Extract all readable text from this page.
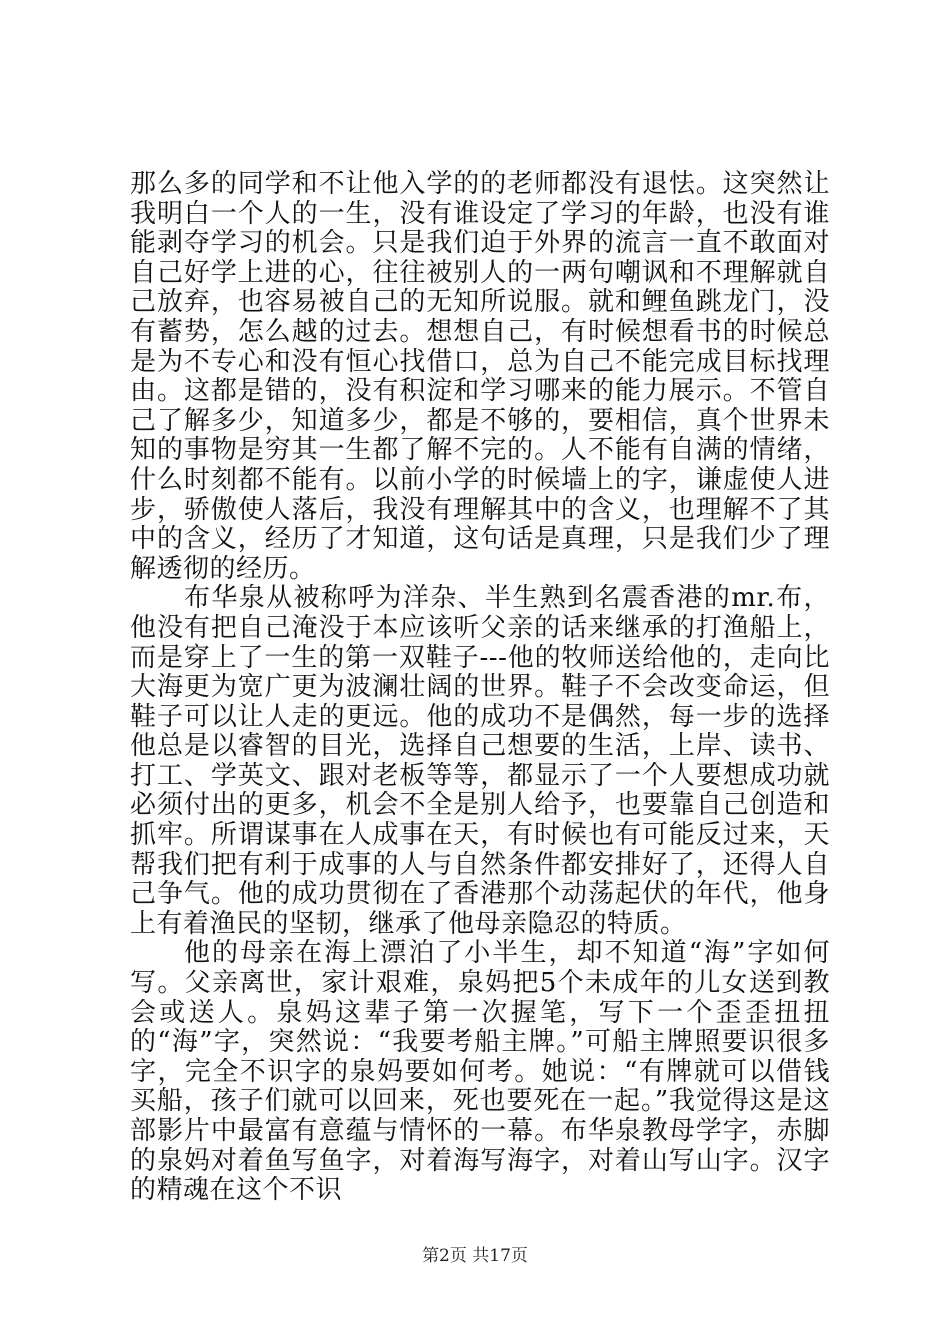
那么多的同学和不让他入学的的老师都没有退怯。这突然让我明白一个人的一生，没有谁设定了学习的年龄，也没有谁能剥夺学习的机会。只是我们迫于外界的流言一直不敢面对自己好学上进的心，往往被别人的一两句嘲讽和不理解就自己放弃，也容易被自己的无知所说服。就和鲤鱼跳龙门，没有蓄势，怎么越的过去。想想自己，有时候想看书的时候总是为不专心和没有恒心找借口，总为自己不能完成目标找理由。这都是错的，没有积淀和学习哪来的能力展示。不管自己了解多少，知道多少，都是不够的，要相信，真个世界未知的事物是穷其一生都了解不完的。人不能有自满的情绪，什么时刻都不能有。以前小学的时候墙上的字，谦虚使人进步，骄傲使人落后，我没有理解其中的含义，也理解不了其中的含义，经历了才知道，这句话是真理，只是我们少了理解透彻的经历。

布华泉从被称呼为洋杂、半生熟到名震香港的mr.布，他没有把自己淹没于本应该听父亲的话来继承的打渔船上，而是穿上了一生的第一双鞋子---他的牧师送给他的，走向比大海更为宽广更为波澜壮阔的世界。鞋子不会改变命运，但鞋子可以让人走的更远。他的成功不是偶然，每一步的选择他总是以睿智的目光，选择自己想要的生活，上岸、读书、打工、学英文、跟对老板等等，都显示了一个人要想成功就必须付出的更多，机会不全是别人给予，也要靠自己创造和抓牢。所谓谋事在人成事在天，有时候也有可能反过来，天帮我们把有利于成事的人与自然条件都安排好了，还得人自己争气。他的成功贯彻在了香港那个动荡起伏的年代，他身上有着渔民的坚韧，继承了他母亲隐忍的特质。

他的母亲在海上漂泊了小半生，却不知道“海”字如何写。父亲离世，家计艰难，泉妈把5个未成年的儿女送到教会或送人。泉妈这辈子第一次握笔，写下一个歪歪扭扭的“海”字，突然说：“我要考船主牌。”可船主牌照要识很多字，完全不识字的泉妈要如何考。她说：“有牌就可以借钱买船，孩子们就可以回来，死也要死在一起。”我觉得这是这部影片中最富有意蕴与情怀的一幕。布华泉教母学字，赤脚的泉妈对着鱼写鱼字，对着海写海字，对着山写山字。汉字的精魂在这个不识

第2页 共17页
